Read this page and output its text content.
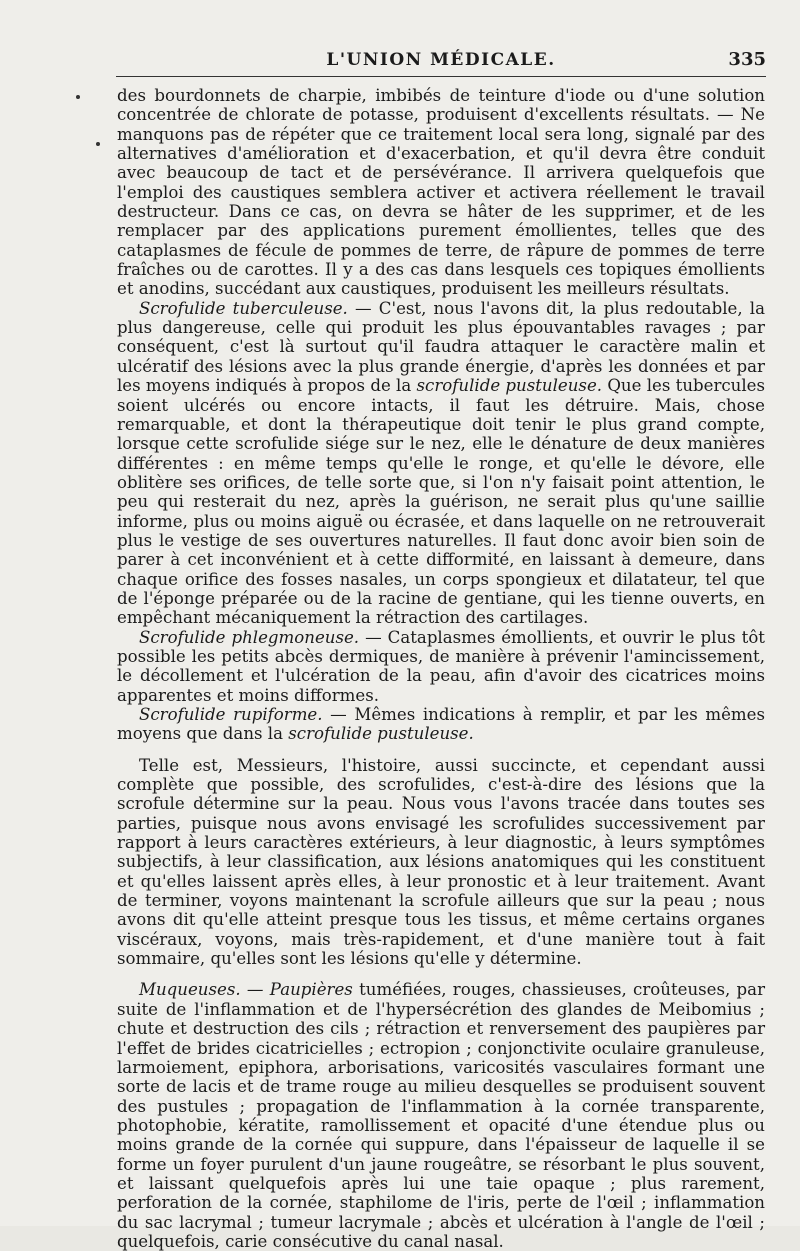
L'UNION MÉDICALE.	335

des bourdonnets de charpie, imbibés de teinture d'iode ou d'une solution concentrée de chlorate de potasse, produisent d'excellents résultats. — Ne manquons pas de répéter que ce traitement local sera long, signalé par des alternatives d'amélioration et d'exacerbation, et qu'il devra être conduit avec beaucoup de tact et de persévérance. Il arrivera quelquefois que l'emploi des caustiques semblera activer et activera réellement le travail destructeur. Dans ce cas, on devra se hâter de les supprimer, et de les remplacer par des applications purement émollientes, telles que des cataplasmes de fécule de pommes de terre, de râpure de pommes de terre fraîches ou de carottes. Il y a des cas dans lesquels ces topiques émollients et anodins, succédant aux caustiques, produisent les meilleurs résultats.

Scrofulide tuberculeuse. — C'est, nous l'avons dit, la plus redoutable, la plus dangereuse, celle qui produit les plus épouvantables ravages ; par conséquent, c'est là surtout qu'il faudra attaquer le caractère malin et ulcératif des lésions avec la plus grande énergie, d'après les données et par les moyens indiqués à propos de la scrofulide pustuleuse. Que les tubercules soient ulcérés ou encore intacts, il faut les détruire. Mais, chose remarquable, et dont la thérapeutique doit tenir le plus grand compte, lorsque cette scrofulide siége sur le nez, elle le dénature de deux manières différentes : en même temps qu'elle le ronge, et qu'elle le dévore, elle oblitère ses orifices, de telle sorte que, si l'on n'y faisait point attention, le peu qui resterait du nez, après la guérison, ne serait plus qu'une saillie informe, plus ou moins aiguë ou écrasée, et dans laquelle on ne retrouverait plus le vestige de ses ouvertures naturelles. Il faut donc avoir bien soin de parer à cet inconvénient et à cette difformité, en laissant à demeure, dans chaque orifice des fosses nasales, un corps spongieux et dilatateur, tel que de l'éponge préparée ou de la racine de gentiane, qui les tienne ouverts, en empêchant mécaniquement la rétraction des cartilages.

Scrofulide phlegmoneuse. — Cataplasmes émollients, et ouvrir le plus tôt possible les petits abcès dermiques, de manière à prévenir l'amincissement, le décollement et l'ulcération de la peau, afin d'avoir des cicatrices moins apparentes et moins difformes.

Scrofulide rupiforme. — Mêmes indications à remplir, et par les mêmes moyens que dans la scrofulide pustuleuse.

Telle est, Messieurs, l'histoire, aussi succincte, et cependant aussi complète que possible, des scrofulides, c'est-à-dire des lésions que la scrofule détermine sur la peau. Nous vous l'avons tracée dans toutes ses parties, puisque nous avons envisagé les scrofulides successivement par rapport à leurs caractères extérieurs, à leur diagnostic, à leurs symptômes subjectifs, à leur classification, aux lésions anatomiques qui les constituent et qu'elles laissent après elles, à leur pronostic et à leur traitement. Avant de terminer, voyons maintenant la scrofule ailleurs que sur la peau ; nous avons dit qu'elle atteint presque tous les tissus, et même certains organes viscéraux, voyons, mais très-rapidement, et d'une manière tout à fait sommaire, qu'elles sont les lésions qu'elle y détermine.

Muqueuses. — Paupières tuméfiées, rouges, chassieuses, croûteuses, par suite de l'inflammation et de l'hypersécrétion des glandes de Meibomius ; chute et destruction des cils ; rétraction et renversement des paupières par l'effet de brides cicatricielles ; ectropion ; conjonctivite oculaire granuleuse, larmoiement, epiphora, arborisations, varicosités vasculaires formant une sorte de lacis et de trame rouge au milieu desquelles se produisent souvent des pustules ; propagation de l'inflammation à la cornée transparente, photophobie, kératite, ramollissement et opacité d'une étendue plus ou moins grande de la cornée qui suppure, dans l'épaisseur de laquelle il se forme un foyer purulent d'un jaune rougeâtre, se résorbant le plus souvent, et laissant quelquefois après lui une taie opaque ; plus rarement, perforation de la cornée, staphilome de l'iris, perte de l'œil ; inflammation du sac lacrymal ; tumeur lacrymale ; abcès et ulcération à l'angle de l'œil ; quelquefois, carie consécutive du canal nasal.
